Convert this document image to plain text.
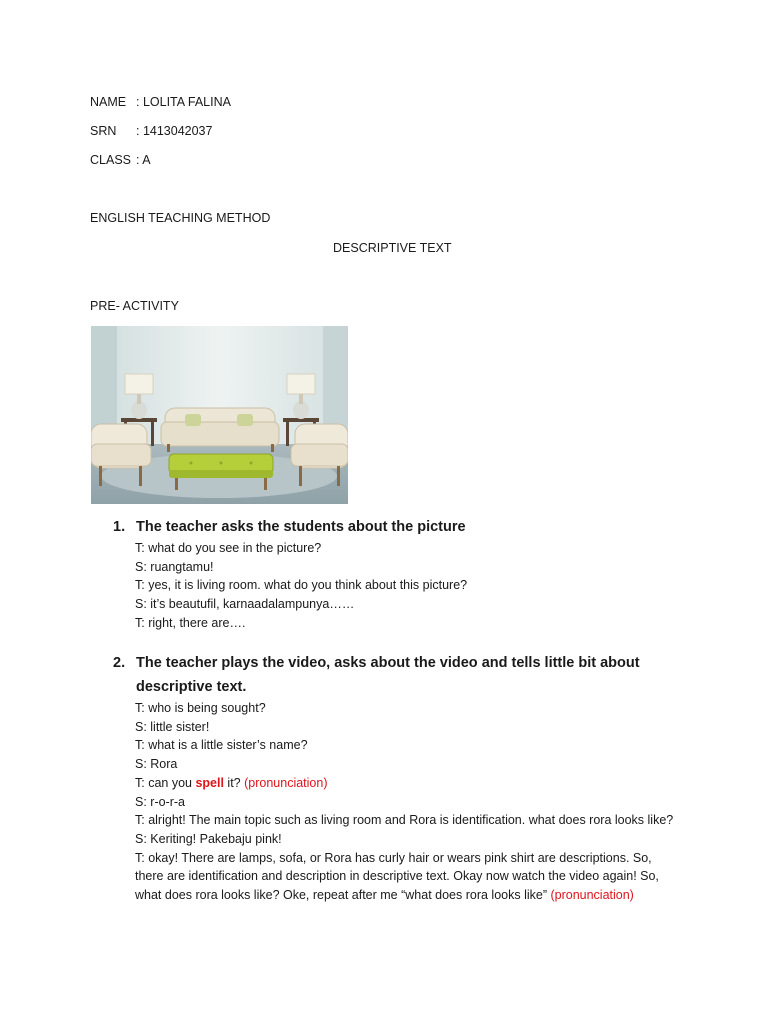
NAME : LOLITA FALINA
SRN : 1413042037
CLASS : A
ENGLISH TEACHING METHOD
DESCRIPTIVE TEXT
PRE- ACTIVITY
1. The teacher asks the students about the picture

T: what do you see in the picture?

S: ruangtamu!

T: yes, it is living room. what do you think about this picture?

S: it’s beautufil, karnaadalampunya……

T: right, there are….

2. The teacher plays the video, asks about the video and tells little bit about descriptive text.

T: who is being sought?

S: little sister!

T: what is a little sister’s name?

S: Rora

T: can you spell it? (pronunciation)

S: r-o-r-a

T: alright! The main topic such as living room and Rora is identification. what does rora looks like?

S: Keriting! Pakebaju pink!

T: okay! There are lamps, sofa, or Rora has curly hair or wears pink shirt are descriptions. So, there are identification and description in descriptive text. Okay now watch the video again! So, what does rora looks like? Oke, repeat after me “what does rora looks like” (pronunciation)
